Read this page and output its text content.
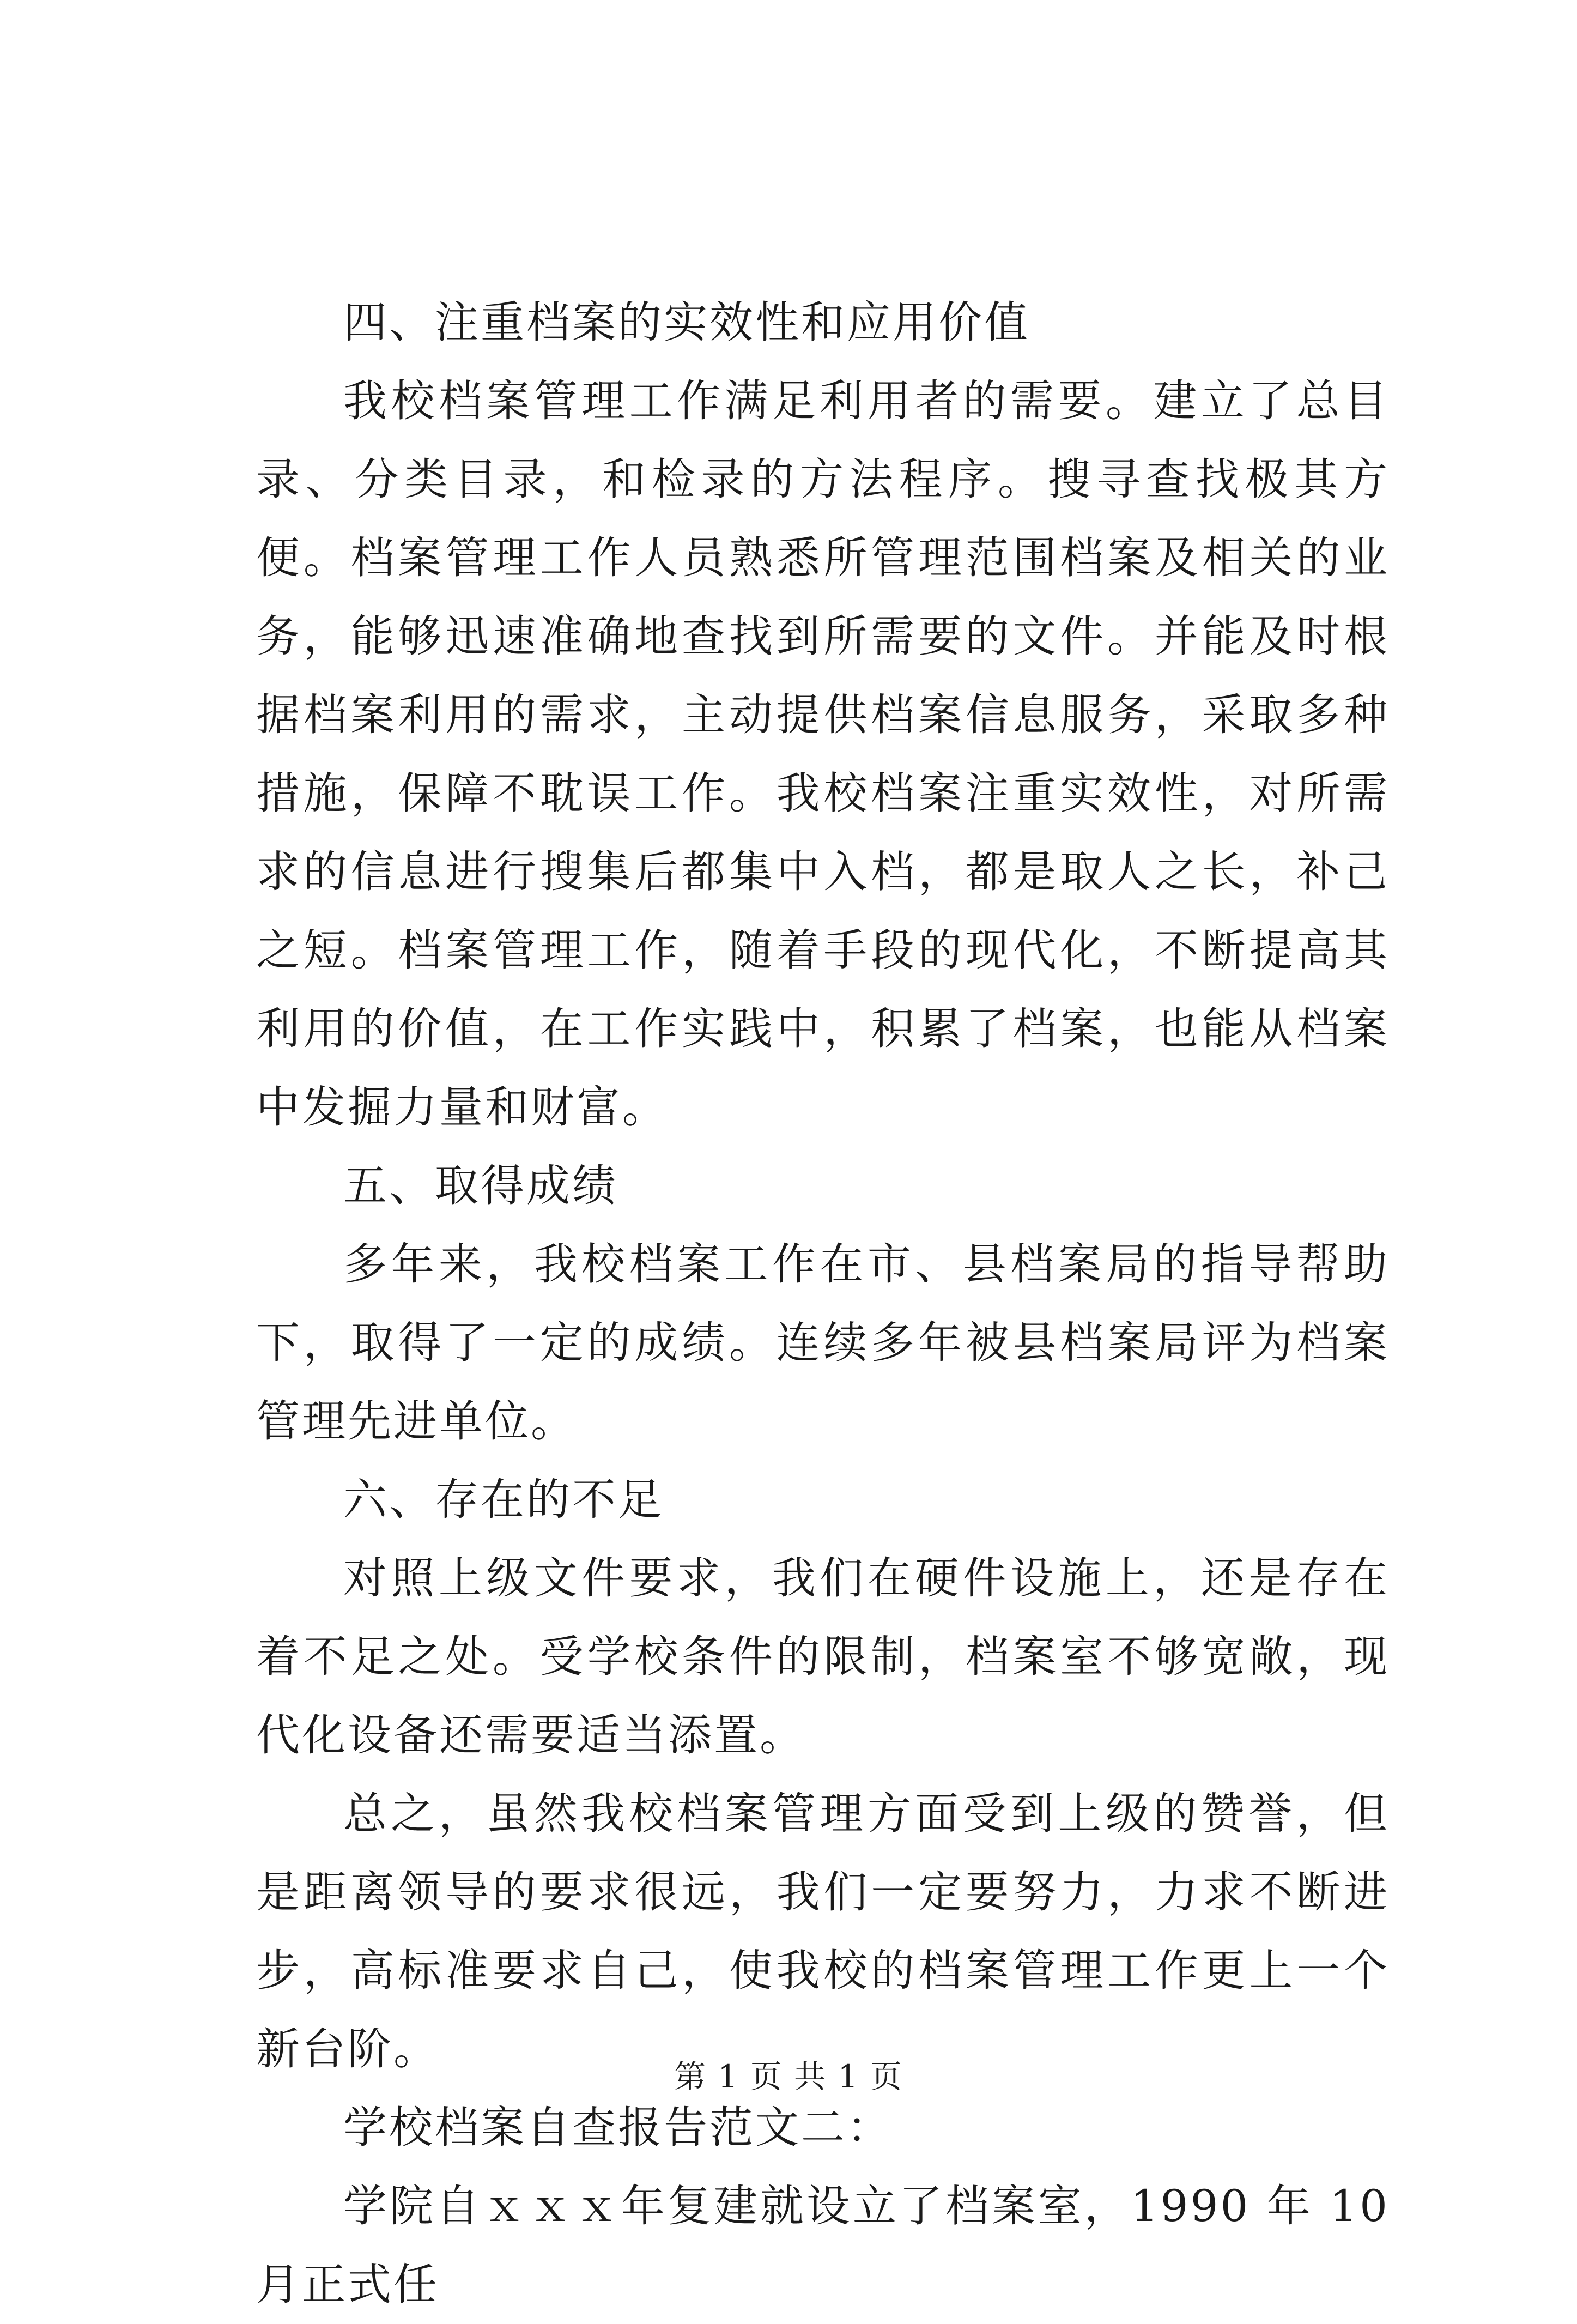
四、注重档案的实效性和应用价值

我校档案管理工作满足利用者的需要。建立了总目录、分类目录，和检录的方法程序。搜寻查找极其方便。档案管理工作人员熟悉所管理范围档案及相关的业务，能够迅速准确地查找到所需要的文件。并能及时根据档案利用的需求，主动提供档案信息服务，采取多种措施，保障不耽误工作。我校档案注重实效性，对所需求的信息进行搜集后都集中入档，都是取人之长，补己之短。档案管理工作，随着手段的现代化，不断提高其利用的价值，在工作实践中，积累了档案，也能从档案中发掘力量和财富。

五、取得成绩

多年来，我校档案工作在市、县档案局的指导帮助下，取得了一定的成绩。连续多年被县档案局评为档案管理先进单位。

六、存在的不足

对照上级文件要求，我们在硬件设施上，还是存在着不足之处。受学校条件的限制，档案室不够宽敞，现代化设备还需要适当添置。

总之，虽然我校档案管理方面受到上级的赞誉，但是距离领导的要求很远，我们一定要努力，力求不断进步，高标准要求自己，使我校的档案管理工作更上一个新台阶。

学校档案自查报告范文二：

学院自ｘｘｘ年复建就设立了档案室，1990 年 10 月正式任

第 1 页 共 1 页
